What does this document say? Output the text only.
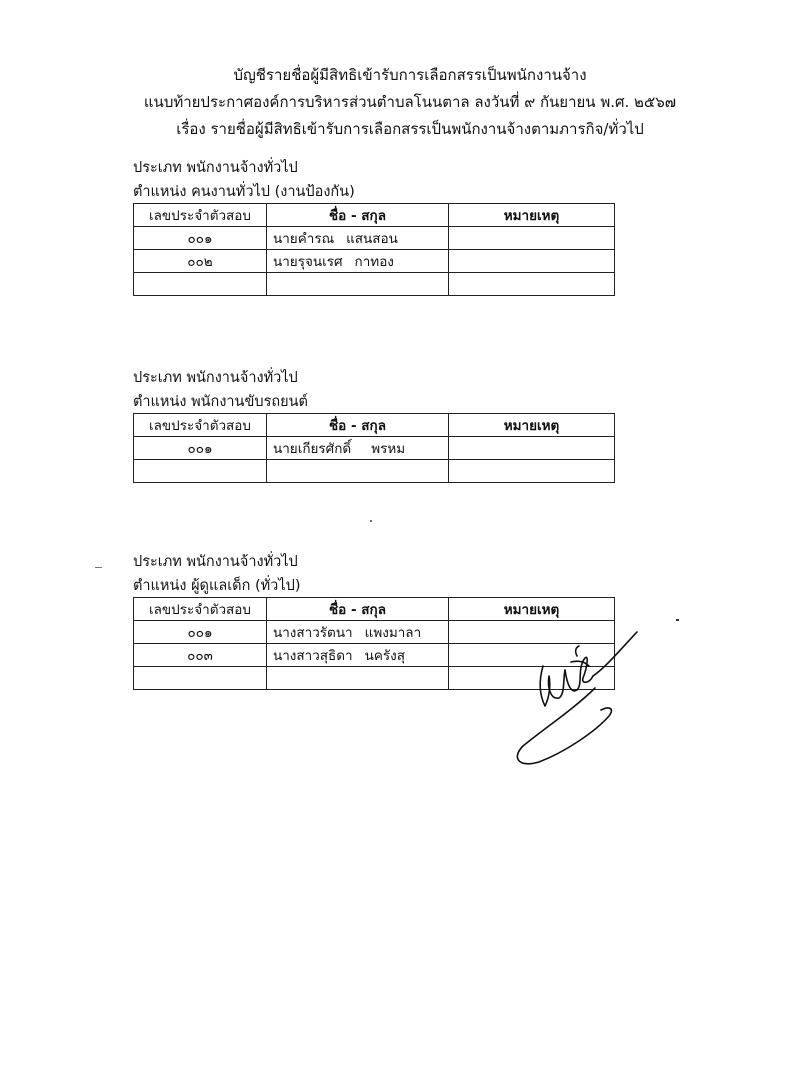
บัญชีรายชื่อผู้มีสิทธิเข้ารับการเลือกสรรเป็นพนักงานจ้าง
แนบท้ายประกาศองค์การบริหารส่วนตำบลโนนตาล ลงวันที่ ๙ กันยายน พ.ศ. ๒๕๖๗
เรื่อง รายชื่อผู้มีสิทธิเข้ารับการเลือกสรรเป็นพนักงานจ้างตามภารกิจ/ทั่วไป
ประเภท พนักงานจ้างทั่วไป
ตำแหน่ง คนงานทั่วไป (งานป้องกัน)
เลขประจำตัวสอบ	ชื่อ - สกุล	หมายเหตุ
๐๐๑	นายคำรณ แสนสอน	
๐๐๒	นายรุจนเรศ กาทอง	

ประเภท พนักงานจ้างทั่วไป
ตำแหน่ง พนักงานขับรถยนต์
เลขประจำตัวสอบ	ชื่อ - สกุล	หมายเหตุ
๐๐๑	นายเกียรศักดิ์ พรหม	

ประเภท พนักงานจ้างทั่วไป
ตำแหน่ง ผู้ดูแลเด็ก (ทั่วไป)
เลขประจำตัวสอบ	ชื่อ - สกุล	หมายเหตุ
๐๐๑	นางสาวรัตนา แพงมาลา	
๐๐๓	นางสาวสุธิดา นครังสุ	
